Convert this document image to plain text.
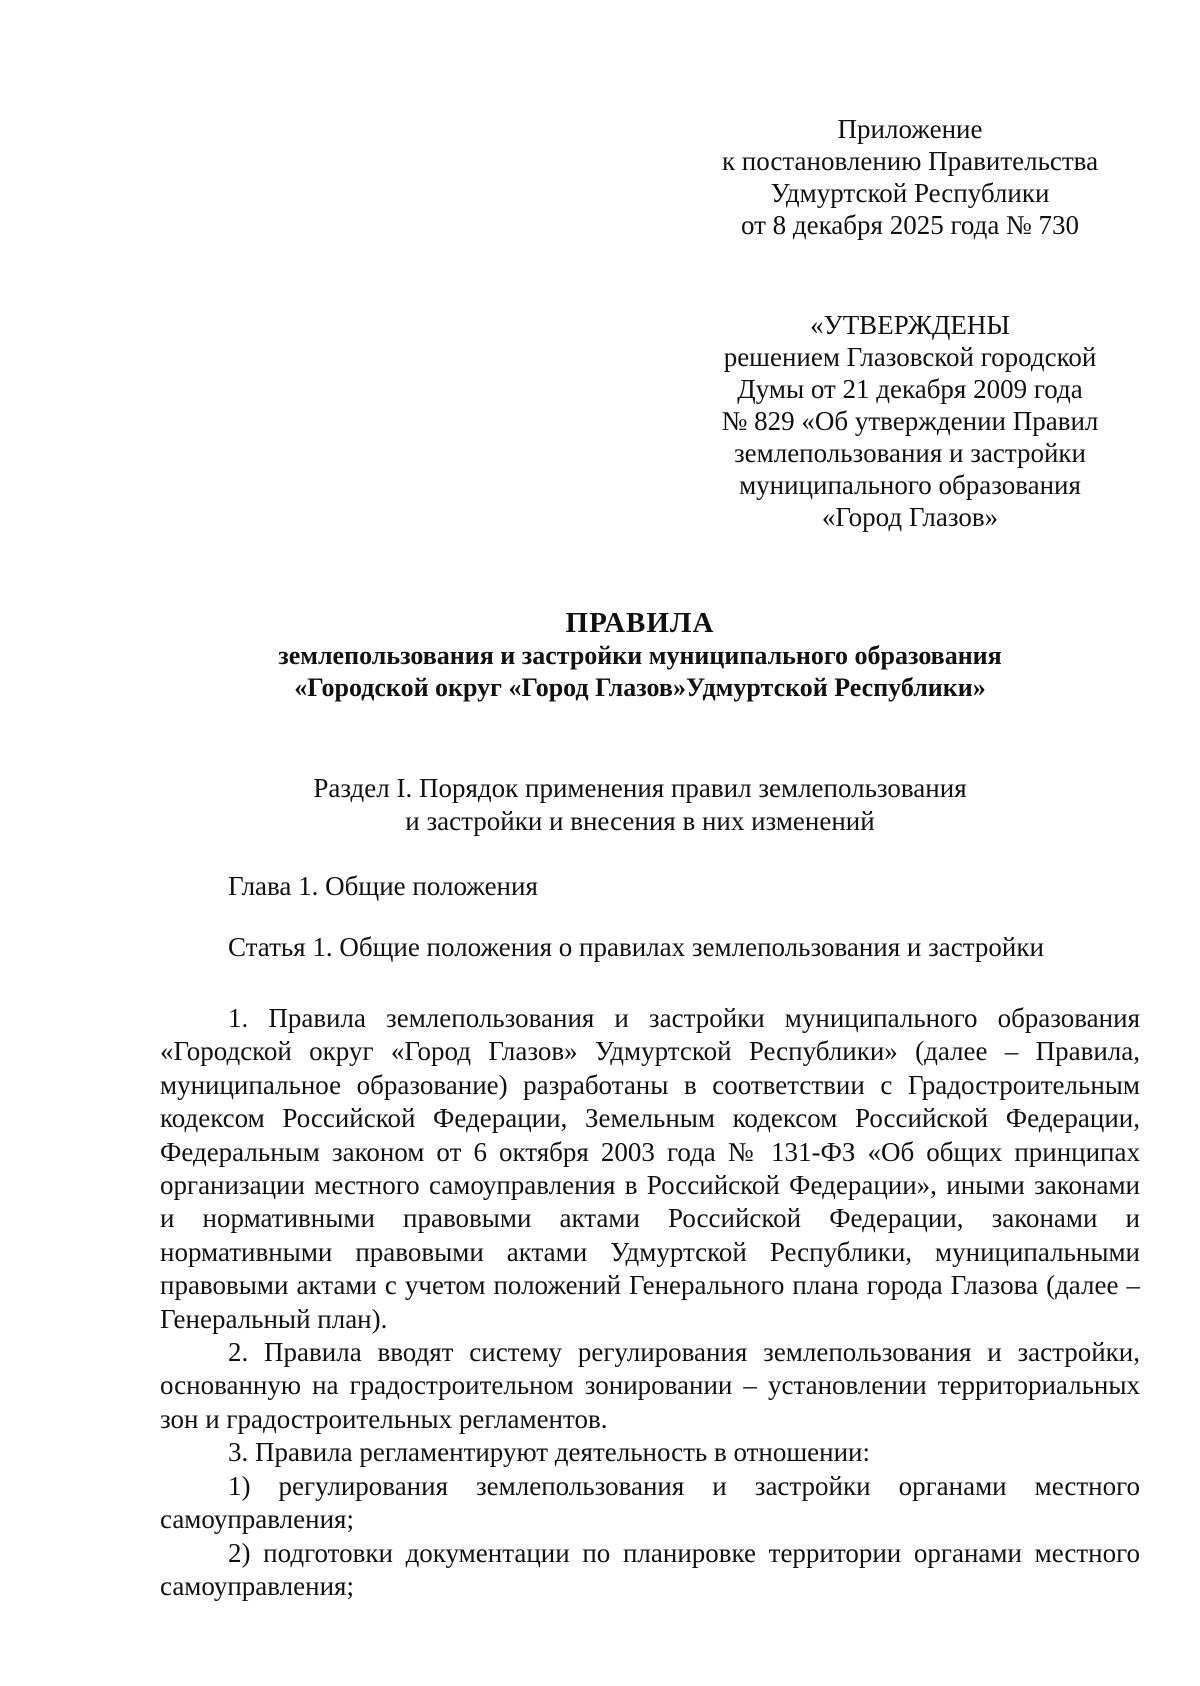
Приложение
к постановлению Правительства
Удмуртской Республики
от 8 декабря 2025 года № 730
«УТВЕРЖДЕНЫ
решением Глазовской городской
Думы от 21 декабря 2009 года
№ 829 «Об утверждении Правил
землепользования и застройки
муниципального образования
«Город Глазов»
ПРАВИЛА
землепользования и застройки муниципального образования
«Городской округ «Город Глазов»Удмуртской Республики»
Раздел I. Порядок применения правил землепользования
и застройки и внесения в них изменений
Глава 1. Общие положения
Статья 1. Общие положения о правилах землепользования и застройки

1. Правила землепользования и застройки муниципального образования «Городской округ «Город Глазов» Удмуртской Республики» (далее – Правила, муниципальное образование) разработаны в соответствии с Градостроительным кодексом Российской Федерации, Земельным кодексом Российской Федерации, Федеральным законом от 6 октября 2003 года № 131-ФЗ «Об общих принципах организации местного самоуправления в Российской Федерации», иными законами и нормативными правовыми актами Российской Федерации, законами и нормативными правовыми актами Удмуртской Республики, муниципальными правовыми актами с учетом положений Генерального плана города Глазова (далее – Генеральный план).

2. Правила вводят систему регулирования землепользования и застройки, основанную на градостроительном зонировании – установлении территориальных зон и градостроительных регламентов.

3. Правила регламентируют деятельность в отношении:

1) регулирования землепользования и застройки органами местного самоуправления;

2) подготовки документации по планировке территории органами местного самоуправления;
